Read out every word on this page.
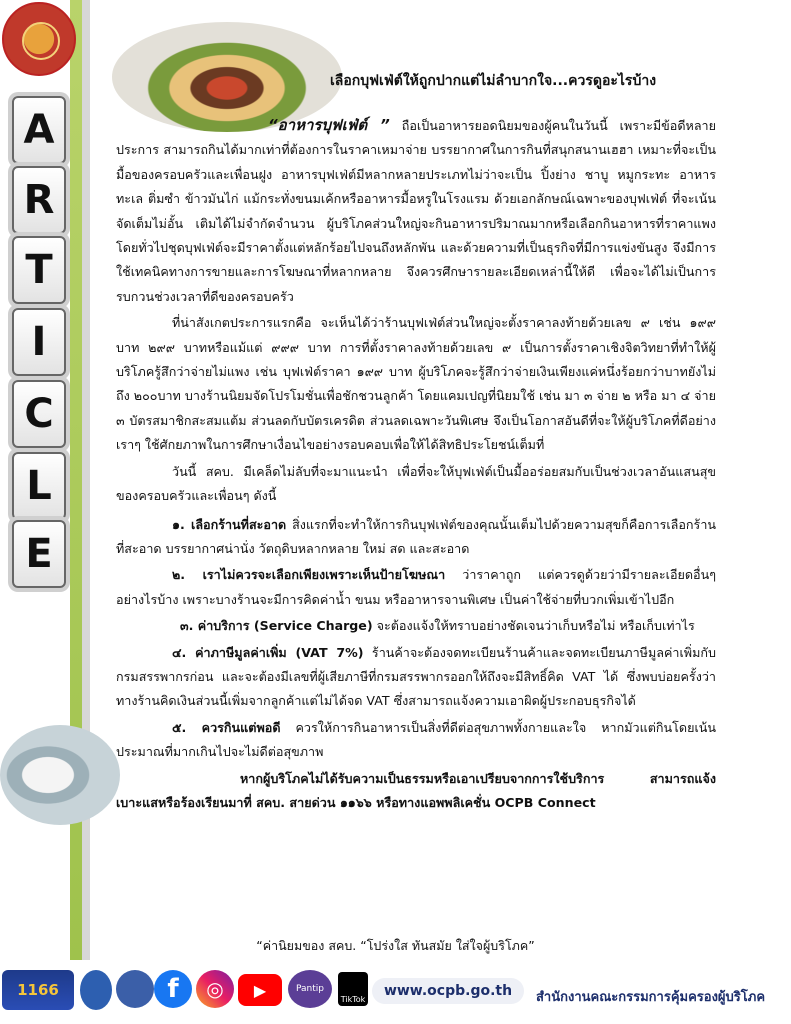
A
R
T
I
C
L
E
เลือกบุฟเฟ่ต์ให้ถูกปากแต่ไม่ลำบากใจ...ควรดูอะไรบ้าง

“อาหารบุฟเฟ่ต์ ” ถือเป็นอาหารยอดนิยมของผู้คนในวันนี้ เพราะมีข้อดีหลายประการ สามารถกินได้มากเท่าที่ต้องการในราคาเหมาจ่าย บรรยากาศในการกินที่สนุกสนานเฮฮา เหมาะที่จะเป็นมื้อของครอบครัวและเพื่อนฝูง อาหารบุฟเฟ่ต์มีหลากหลายประเภทไม่ว่าจะเป็น ปิ้งย่าง ชาบู หมูกระทะ อาหารทะเล ติ่มซำ ข้าวมันไก่ แม้กระทั่งขนมเค้กหรืออาหารมื้อหรูในโรงแรม ด้วยเอกลักษณ์เฉพาะของบุฟเฟ่ต์ ที่จะเน้นจัดเต็มไม่อั้น เติมได้ไม่จำกัดจำนวน ผู้บริโภคส่วนใหญ่จะกินอาหารปริมาณมากหรือเลือกกินอาหารที่ราคาแพง โดยทั่วไปชุดบุฟเฟ่ต์จะมีราคาตั้งแต่หลักร้อยไปจนถึงหลักพัน และด้วยความที่เป็นธุรกิจที่มีการแข่งขันสูง จึงมีการใช้เทคนิคทางการขายและการโฆษณาที่หลากหลาย จึงควรศึกษารายละเอียดเหล่านี้ให้ดี เพื่อจะได้ไม่เป็นการรบกวนช่วงเวลาที่ดีของครอบครัว

ที่น่าสังเกตประการแรกคือ จะเห็นได้ว่าร้านบุฟเฟ่ต์ส่วนใหญ่จะตั้งราคาลงท้ายด้วยเลข ๙ เช่น ๑๙๙ บาท ๒๙๙ บาทหรือแม้แต่ ๙๙๙ บาท การที่ตั้งราคาลงท้ายด้วยเลข ๙ เป็นการตั้งราคาเชิงจิตวิทยาที่ทำให้ผู้บริโภครู้สึกว่าจ่ายไม่แพง เช่น บุฟเฟ่ต์ราคา ๑๙๙ บาท ผู้บริโภคจะรู้สึกว่าจ่ายเงินเพียงแค่หนึ่งร้อยกว่าบาทยังไม่ถึง ๒๐๐บาท บางร้านนิยมจัดโปรโมชั่นเพื่อชักชวนลูกค้า โดยแคมเปญที่นิยมใช้ เช่น มา ๓ จ่าย ๒ หรือ มา ๔ จ่าย ๓ บัตรสมาชิกสะสมแต้ม ส่วนลดกับบัตรเครดิต ส่วนลดเฉพาะวันพิเศษ จึงเป็นโอกาสอันดีที่จะให้ผู้บริโภคที่ดีอย่างเราๆ ใช้ศักยภาพในการศึกษาเงื่อนไขอย่างรอบคอบเพื่อให้ได้สิทธิประโยชน์เต็มที่

วันนี้ สคบ. มีเคล็ดไม่ลับที่จะมาแนะนำ เพื่อที่จะให้บุฟเฟ่ต์เป็นมื้ออร่อยสมกับเป็นช่วงเวลาอันแสนสุขของครอบครัวและเพื่อนๆ ดังนี้

๑. เลือกร้านที่สะอาด สิ่งแรกที่จะทำให้การกินบุฟเฟ่ต์ของคุณนั้นเต็มไปด้วยความสุขก็คือการเลือกร้านที่สะอาด บรรยากาศน่านั่ง วัตถุดิบหลากหลาย ใหม่ สด และสะอาด

๒. เราไม่ควรจะเลือกเพียงเพราะเห็นป้ายโฆษณา ว่าราคาถูก แต่ควรดูด้วยว่ามีรายละเอียดอื่นๆ อย่างไรบ้าง เพราะบางร้านจะมีการคิดค่าน้ำ ขนม หรืออาหารจานพิเศษ เป็นค่าใช้จ่ายที่บวกเพิ่มเข้าไปอีก

๓. ค่าบริการ (Service Charge) จะต้องแจ้งให้ทราบอย่างชัดเจนว่าเก็บหรือไม่ หรือเก็บเท่าไร

๔. ค่าภาษีมูลค่าเพิ่ม (VAT 7%) ร้านค้าจะต้องจดทะเบียนร้านค้าและจดทะเบียนภาษีมูลค่าเพิ่มกับกรมสรรพากรก่อน และจะต้องมีเลขที่ผู้เสียภาษีที่กรมสรรพากรออกให้ถึงจะมีสิทธิ์คิด VAT ได้ ซึ่งพบบ่อยครั้งว่าทางร้านคิดเงินส่วนนี้เพิ่มจากลูกค้าแต่ไม่ได้จด VAT ซึ่งสามารถแจ้งความเอาผิดผู้ประกอบธุรกิจได้

๕. ควรกินแต่พอดี ควรให้การกินอาหารเป็นสิ่งที่ดีต่อสุขภาพทั้งกายและใจ หากมัวแต่กินโดยเน้นประมาณที่มากเกินไปจะไม่ดีต่อสุขภาพ

หากผู้บริโภคไม่ได้รับความเป็นธรรมหรือเอาเปรียบจากการใช้บริการ สามารถแจ้งเบาะแสหรือร้องเรียนมาที่ สคบ. สายด่วน ๑๑๖๖ หรือทางแอพพลิเคชั่น OCPB Connect

“ค่านิยมของ สคบ. “โปร่งใส ทันสมัย ใส่ใจผู้บริโภค”
1166	f	◎	▶	Pantip
TikTok
www.ocpb.go.th	สำนักงานคณะกรรมการคุ้มครองผู้บริโภค
